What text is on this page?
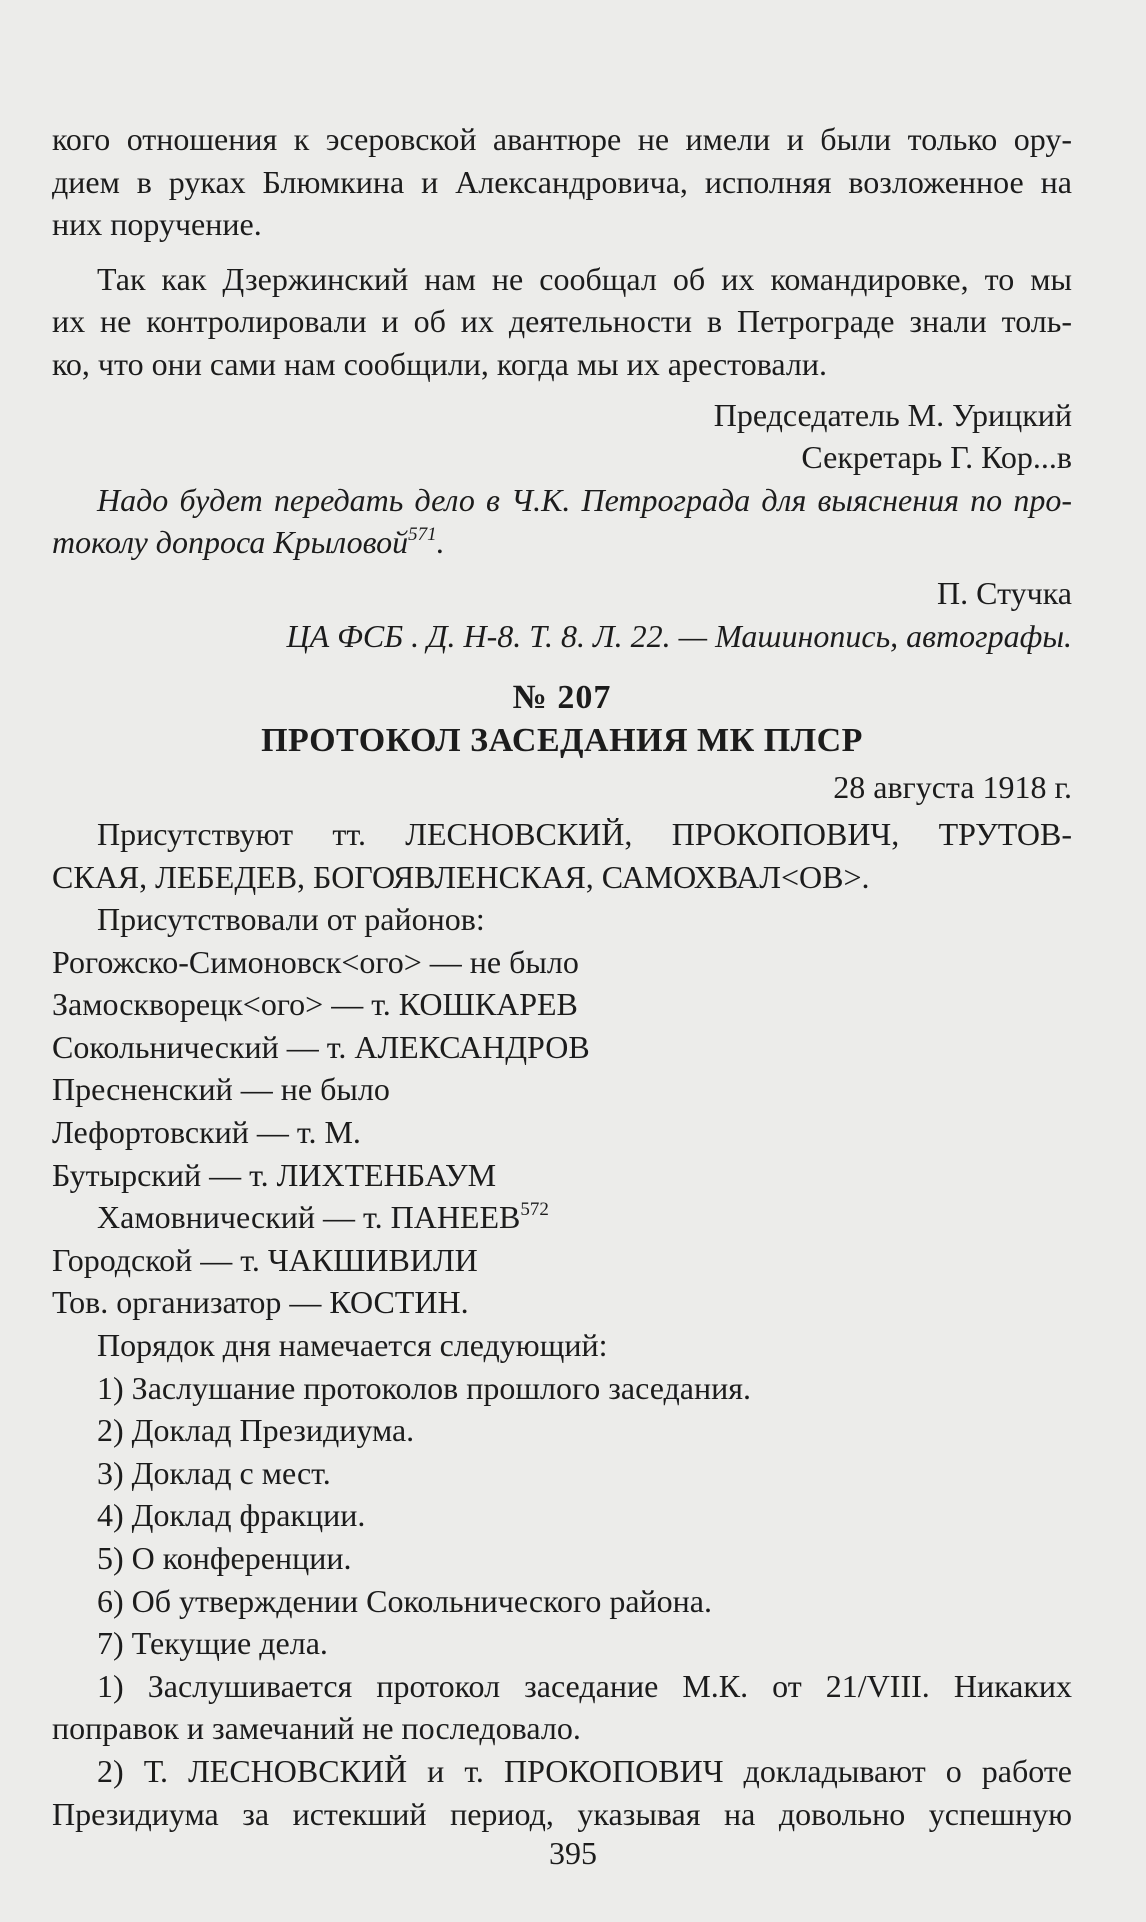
кого отношения к эсеровской авантюре не имели и были только ору-
дием в руках Блюмкина и Александровича, исполняя возложенное на
них поручение.
Так как Дзержинский нам не сообщал об их командировке, то мы
их не контролировали и об их деятельности в Петрограде знали толь-
ко, что они сами нам сообщили, когда мы их арестовали.
Председатель М. Урицкий
Секретарь Г. Кор...в
Надо будет передать дело в Ч.К. Петрограда для выяснения по про-
токолу допроса Крыловой$^{571}$.
П. Стучка
ЦА ФСБ . Д. Н-8. Т. 8. Л. 22. — Машинопись, автографы.
№ 207
ПРОТОКОЛ ЗАСЕДАНИЯ МК ПЛСР
28 августа 1918 г.
Присутствуют тт. ЛЕСНОВСКИЙ, ПРОКОПОВИЧ, ТРУТОВ-
СКАЯ, ЛЕБЕДЕВ, БОГОЯВЛЕНСКАЯ, САМОХВАЛ<ОВ>.
Присутствовали от районов:
Рогожско-Симоновск<ого> — не было
Замоскворецк<ого> — т. КОШКАРЕВ
Сокольнический — т. АЛЕКСАНДРОВ
Пресненский — не было
Лефортовский — т. М.
Бутырский — т. ЛИХТЕНБАУМ
Хамовнический — т. ПАНЕЕВ$^{572}$
Городской — т. ЧАКШИВИЛИ
Тов. организатор — КОСТИН.
Порядок дня намечается следующий:
1) Заслушание протоколов прошлого заседания.
2) Доклад Президиума.
3) Доклад с мест.
4) Доклад фракции.
5) О конференции.
6) Об утверждении Сокольнического района.
7) Текущие дела.
1) Заслушивается протокол заседание М.К. от 21/VIII. Никаких
поправок и замечаний не последовало.
2) Т. ЛЕСНОВСКИЙ и т. ПРОКОПОВИЧ докладывают о работе
Президиума за истекший период, указывая на довольно успешную
395
